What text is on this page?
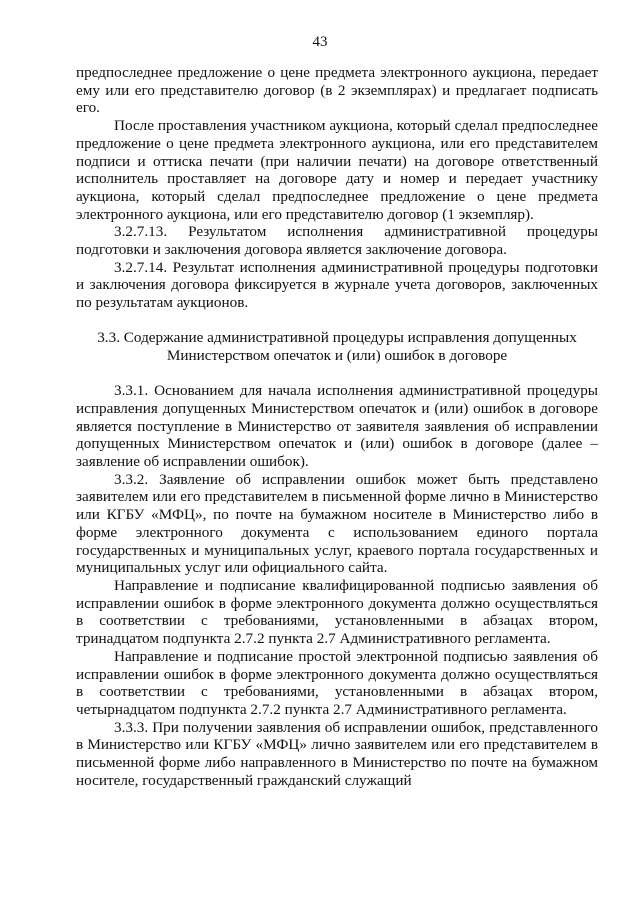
43

предпоследнее предложение о цене предмета электронного аукциона, передает ему или его представителю договор (в 2 экземплярах) и предлагает подписать его.

После проставления участником аукциона, который сделал предпоследнее предложение о цене предмета электронного аукциона, или его представителем подписи и оттиска печати (при наличии печати) на договоре ответственный исполнитель проставляет на договоре дату и номер и передает участнику аукциона, который сделал предпоследнее предложение о цене предмета электронного аукциона, или его представителю договор (1 экземпляр).

3.2.7.13. Результатом исполнения административной процедуры подготовки и заключения договора является заключение договора.

3.2.7.14. Результат исполнения административной процедуры подготовки и заключения договора фиксируется в журнале учета договоров, заключенных по результатам аукционов.

3.3. Содержание административной процедуры исправления допущенных
Министерством опечаток и (или) ошибок в договоре

3.3.1. Основанием для начала исполнения административной процедуры исправления допущенных Министерством опечаток и (или) ошибок в договоре является поступление в Министерство от заявителя заявления об исправлении допущенных Министерством опечаток и (или) ошибок в договоре (далее – заявление об исправлении ошибок).

3.3.2. Заявление об исправлении ошибок может быть представлено заявителем или его представителем в письменной форме лично в Министерство или КГБУ «МФЦ», по почте на бумажном носителе в Министерство либо в форме электронного документа с использованием единого портала государственных и муниципальных услуг, краевого портала государственных и муниципальных услуг или официального сайта.

Направление и подписание квалифицированной подписью заявления об исправлении ошибок в форме электронного документа должно осуществляться в соответствии с требованиями, установленными в абзацах втором, тринадцатом подпункта 2.7.2 пункта 2.7 Административного регламента.

Направление и подписание простой электронной подписью заявления об исправлении ошибок в форме электронного документа должно осуществляться в соответствии с требованиями, установленными в абзацах втором, четырнадцатом подпункта 2.7.2 пункта 2.7 Административного регламента.

3.3.3. При получении заявления об исправлении ошибок, представленного в Министерство или КГБУ «МФЦ» лично заявителем или его представителем в письменной форме либо направленного в Министерство по почте на бумажном носителе, государственный гражданский служащий
